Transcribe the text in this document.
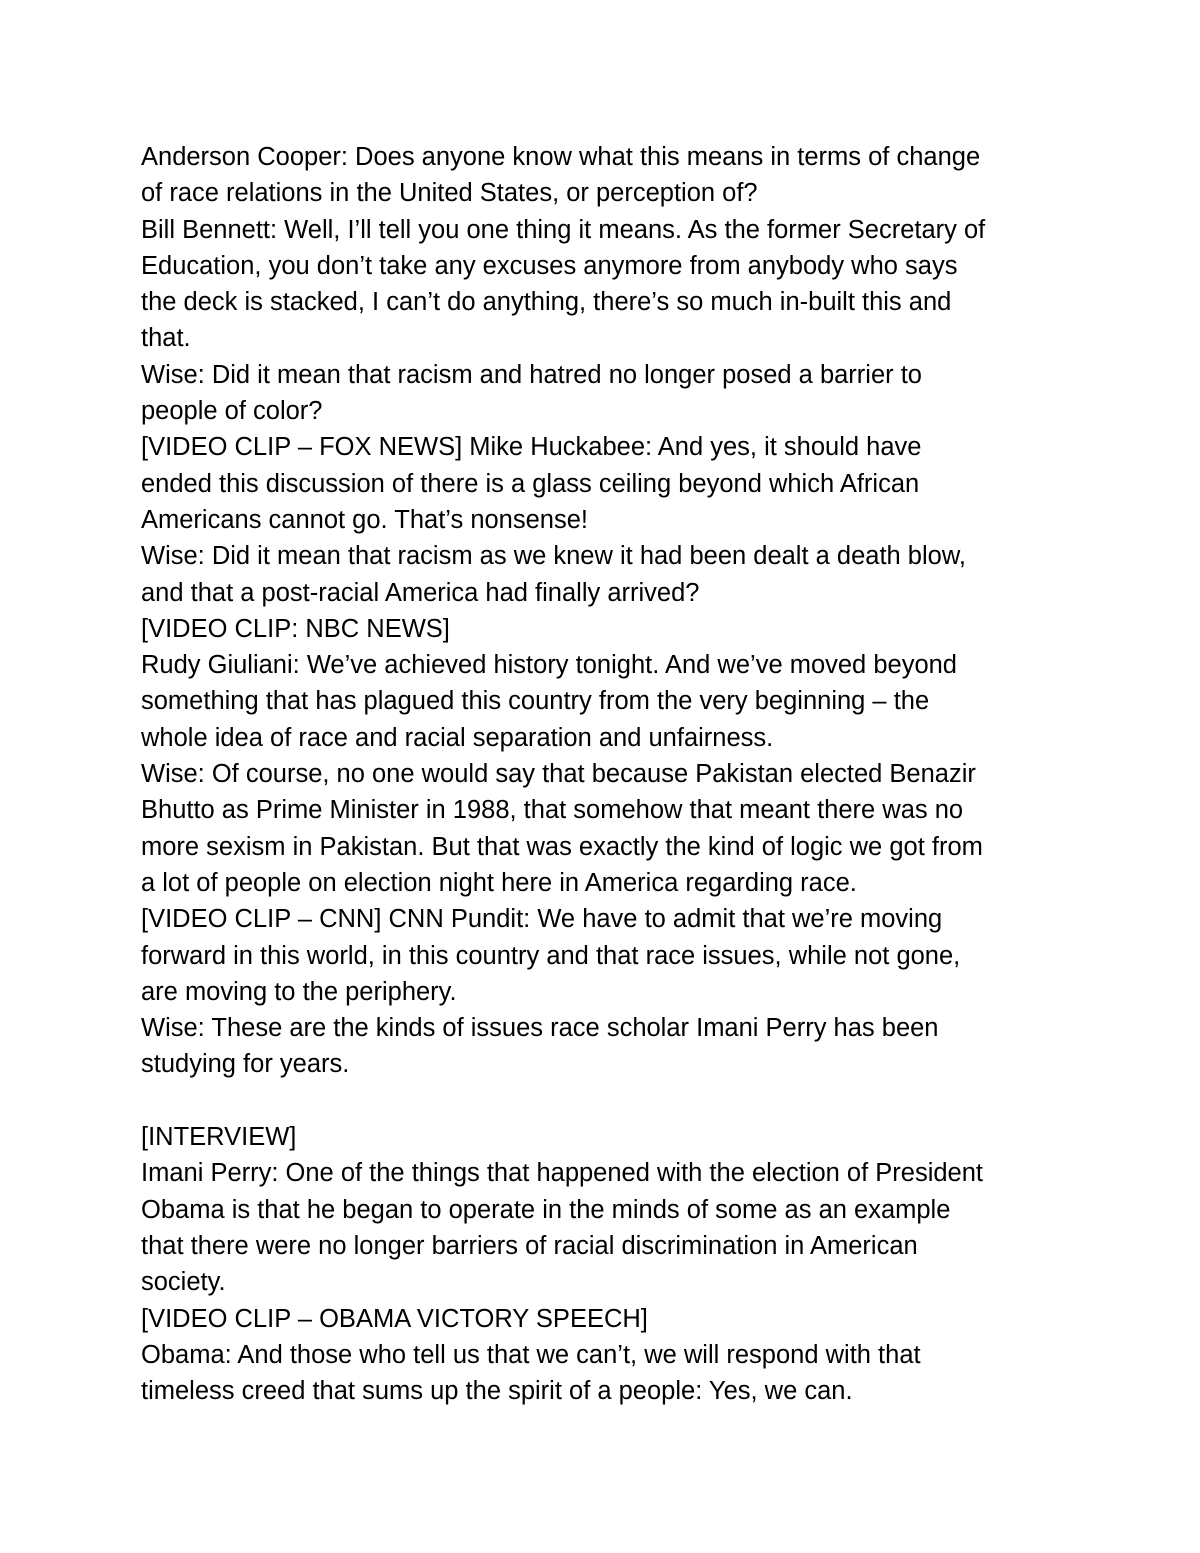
Anderson Cooper: Does anyone know what this means in terms of change
of race relations in the United States, or perception of?
Bill Bennett: Well, I’ll tell you one thing it means. As the former Secretary of
Education, you don’t take any excuses anymore from anybody who says
the deck is stacked, I can’t do anything, there’s so much in-built this and
that.
Wise: Did it mean that racism and hatred no longer posed a barrier to
people of color?
[VIDEO CLIP – FOX NEWS] Mike Huckabee: And yes, it should have
ended this discussion of there is a glass ceiling beyond which African
Americans cannot go. That’s nonsense!
Wise: Did it mean that racism as we knew it had been dealt a death blow,
and that a post-racial America had finally arrived?
[VIDEO CLIP: NBC NEWS]
Rudy Giuliani: We’ve achieved history tonight. And we’ve moved beyond
something that has plagued this country from the very beginning – the
whole idea of race and racial separation and unfairness.
Wise: Of course, no one would say that because Pakistan elected Benazir
Bhutto as Prime Minister in 1988, that somehow that meant there was no
more sexism in Pakistan. But that was exactly the kind of logic we got from
a lot of people on election night here in America regarding race.
[VIDEO CLIP – CNN] CNN Pundit: We have to admit that we’re moving
forward in this world, in this country and that race issues, while not gone,
are moving to the periphery.
Wise: These are the kinds of issues race scholar Imani Perry has been
studying for years.
[INTERVIEW]
Imani Perry: One of the things that happened with the election of President
Obama is that he began to operate in the minds of some as an example
that there were no longer barriers of racial discrimination in American
society.
[VIDEO CLIP – OBAMA VICTORY SPEECH]
Obama: And those who tell us that we can’t, we will respond with that
timeless creed that sums up the spirit of a people: Yes, we can.
